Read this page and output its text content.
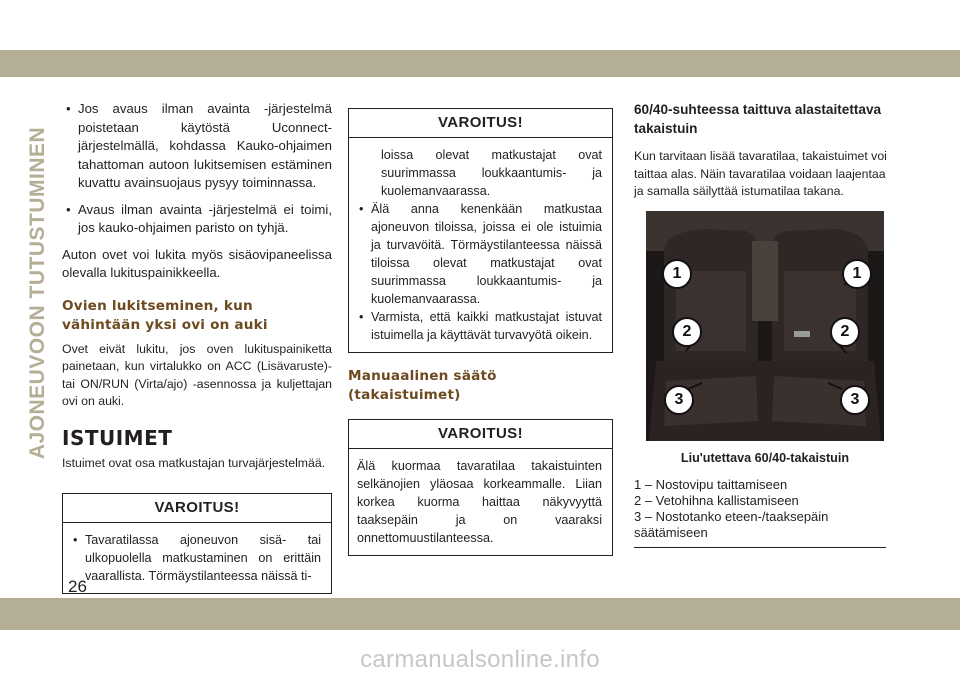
AJONEUVOON TUTUSTUMINEN

• Jos avaus ilman avainta -järjestelmä poistetaan käytöstä Uconnect-järjestelmällä, kohdassa Kauko-ohjaimen tahattoman autoon lukitsemisen estäminen kuvattu avainsuojaus pysyy toiminnassa.

• Avaus ilman avainta -järjestelmä ei toimi, jos kauko-ohjaimen paristo on tyhjä.

Auton ovet voi lukita myös sisäovipaneelissa olevalla lukituspainikkeella.

Ovien lukitseminen, kun vähintään yksi ovi on auki

Ovet eivät lukitu, jos oven lukituspainiketta painetaan, kun virtalukko on ACC (Lisävaruste)- tai ON/RUN (Virta/ajo) -asennossa ja kuljettajan ovi on auki.

ISTUIMET

Istuimet ovat osa matkustajan turvajärjestelmää.

VAROITUS!

• Tavaratilassa ajoneuvon sisä- tai ulkopuolella matkustaminen on erittäin vaarallista. Törmäystilanteessa näissä ti-

VAROITUS!

loissa olevat matkustajat ovat suurimmassa loukkaantumis- ja kuolemanvaarassa.

• Älä anna kenenkään matkustaa ajoneuvon tiloissa, joissa ei ole istuimia ja turvavöitä. Törmäystilanteessa näissä tiloissa olevat matkustajat ovat suurimmassa loukkaantumis- ja kuolemanvaarassa.

• Varmista, että kaikki matkustajat istuvat istuimella ja käyttävät turvavyötä oikein.

Manuaalinen säätö (takaistuimet)
VAROITUS!

Älä kuormaa tavaratilaa takaistuinten selkänojien yläosaa korkeammalle. Liian korkea kuorma haittaa näkyvyyttä taaksepäin ja on vaaraksi onnettomuustilanteessa.

60/40-suhteessa taittuva alastaitettava takaistuin

Kun tarvitaan lisää tavaratilaa, takaistuimet voi taittaa alas. Näin tavaratilaa voidaan laajentaa ja samalla säilyttää istumatilaa takana.

1	1
2	2
3	3
Liu'utettava 60/40-takaistuin

1 – Nostovipu taittamiseen

2 – Vetohihna kallistamiseen

3 – Nostotanko eteen-/taaksepäin säätämiseen

26
carmanualsonline.info
